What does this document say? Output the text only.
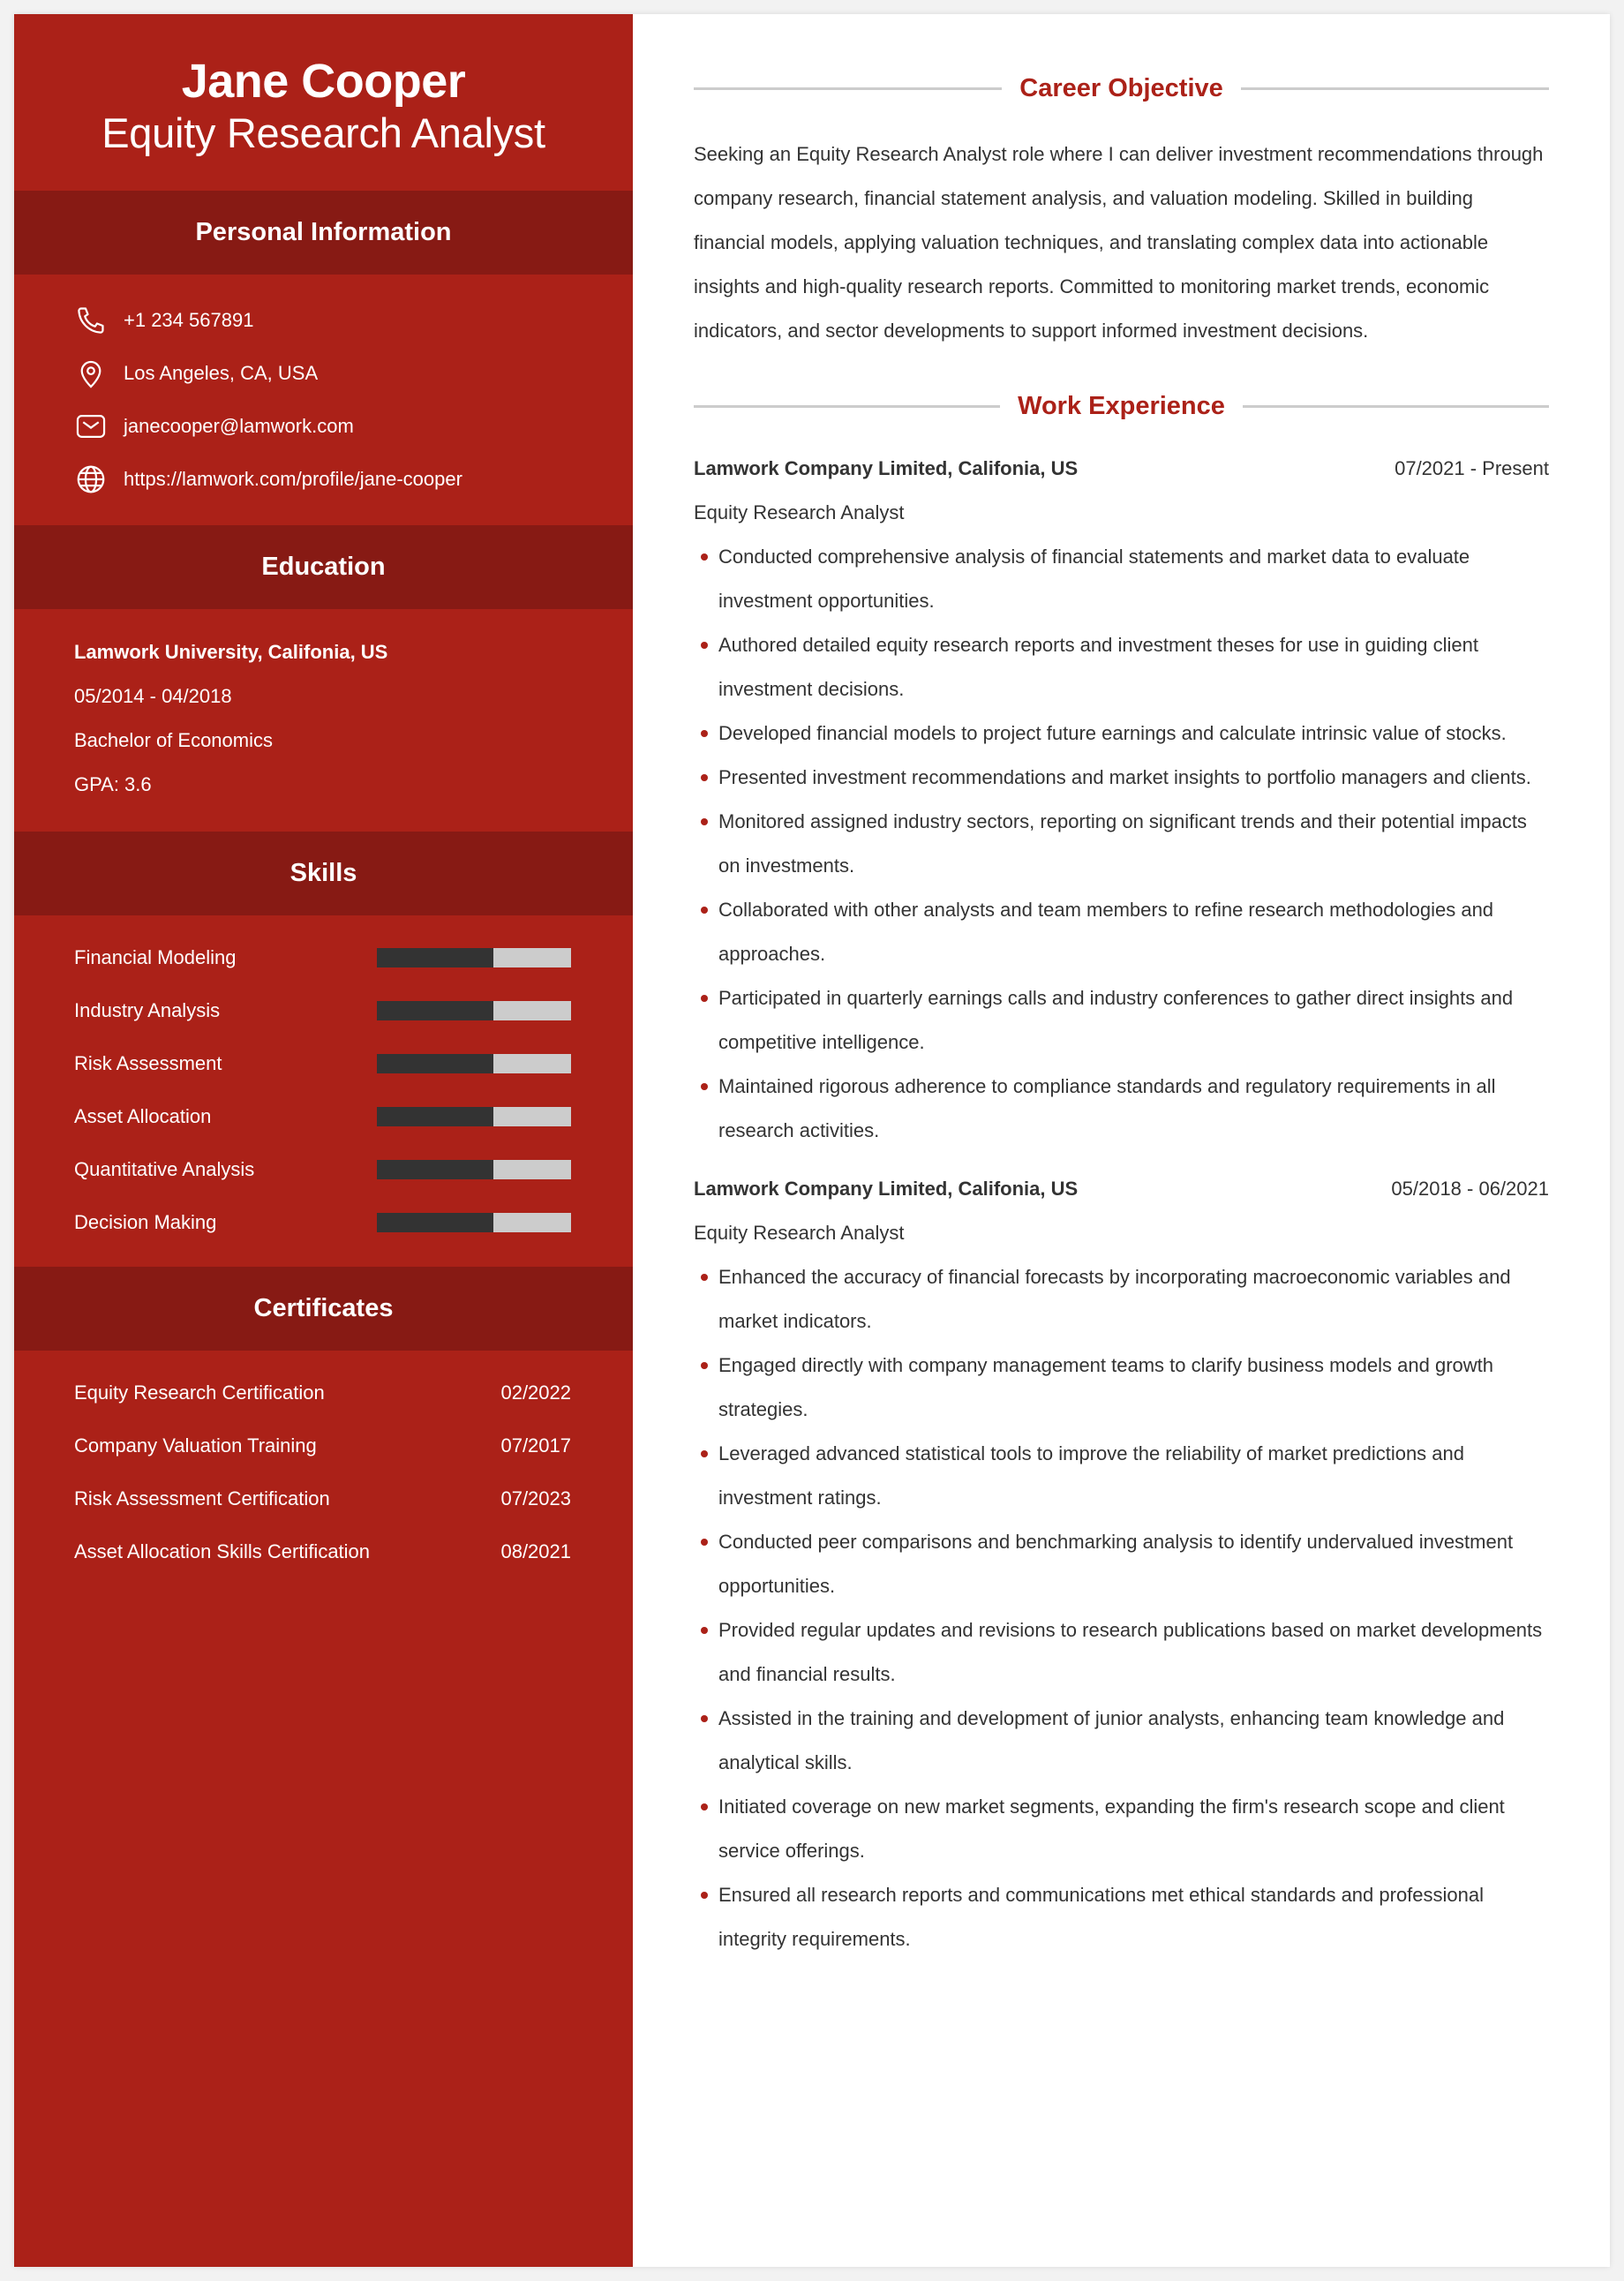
Jane Cooper
Equity Research Analyst
Personal Information
+1 234 567891
Los Angeles, CA, USA
janecooper@lamwork.com
https://lamwork.com/profile/jane-cooper
Education
Lamwork University, Califonia, US
05/2014 - 04/2018
Bachelor of Economics
GPA: 3.6
Skills
Financial Modeling
Industry Analysis
Risk Assessment
Asset Allocation
Quantitative Analysis
Decision Making
Certificates
Equity Research Certification	02/2022
Company Valuation Training	07/2017
Risk Assessment Certification	07/2023
Asset Allocation Skills Certification	08/2021
Career Objective

Seeking an Equity Research Analyst role where I can deliver investment recommendations through company research, financial statement analysis, and valuation modeling. Skilled in building financial models, applying valuation techniques, and translating complex data into actionable insights and high-quality research reports. Committed to monitoring market trends, economic indicators, and sector developments to support informed investment decisions.

Work Experience
Lamwork Company Limited, Califonia, US	07/2021 - Present
Equity Research Analyst
Conducted comprehensive analysis of financial statements and market data to evaluate investment opportunities.
Authored detailed equity research reports and investment theses for use in guiding client investment decisions.
Developed financial models to project future earnings and calculate intrinsic value of stocks.
Presented investment recommendations and market insights to portfolio managers and clients.
Monitored assigned industry sectors, reporting on significant trends and their potential impacts on investments.
Collaborated with other analysts and team members to refine research methodologies and approaches.
Participated in quarterly earnings calls and industry conferences to gather direct insights and competitive intelligence.
Maintained rigorous adherence to compliance standards and regulatory requirements in all research activities.
Lamwork Company Limited, Califonia, US	05/2018 - 06/2021
Equity Research Analyst
Enhanced the accuracy of financial forecasts by incorporating macroeconomic variables and market indicators.
Engaged directly with company management teams to clarify business models and growth strategies.
Leveraged advanced statistical tools to improve the reliability of market predictions and investment ratings.
Conducted peer comparisons and benchmarking analysis to identify undervalued investment opportunities.
Provided regular updates and revisions to research publications based on market developments and financial results.
Assisted in the training and development of junior analysts, enhancing team knowledge and analytical skills.
Initiated coverage on new market segments, expanding the firm's research scope and client service offerings.
Ensured all research reports and communications met ethical standards and professional integrity requirements.
